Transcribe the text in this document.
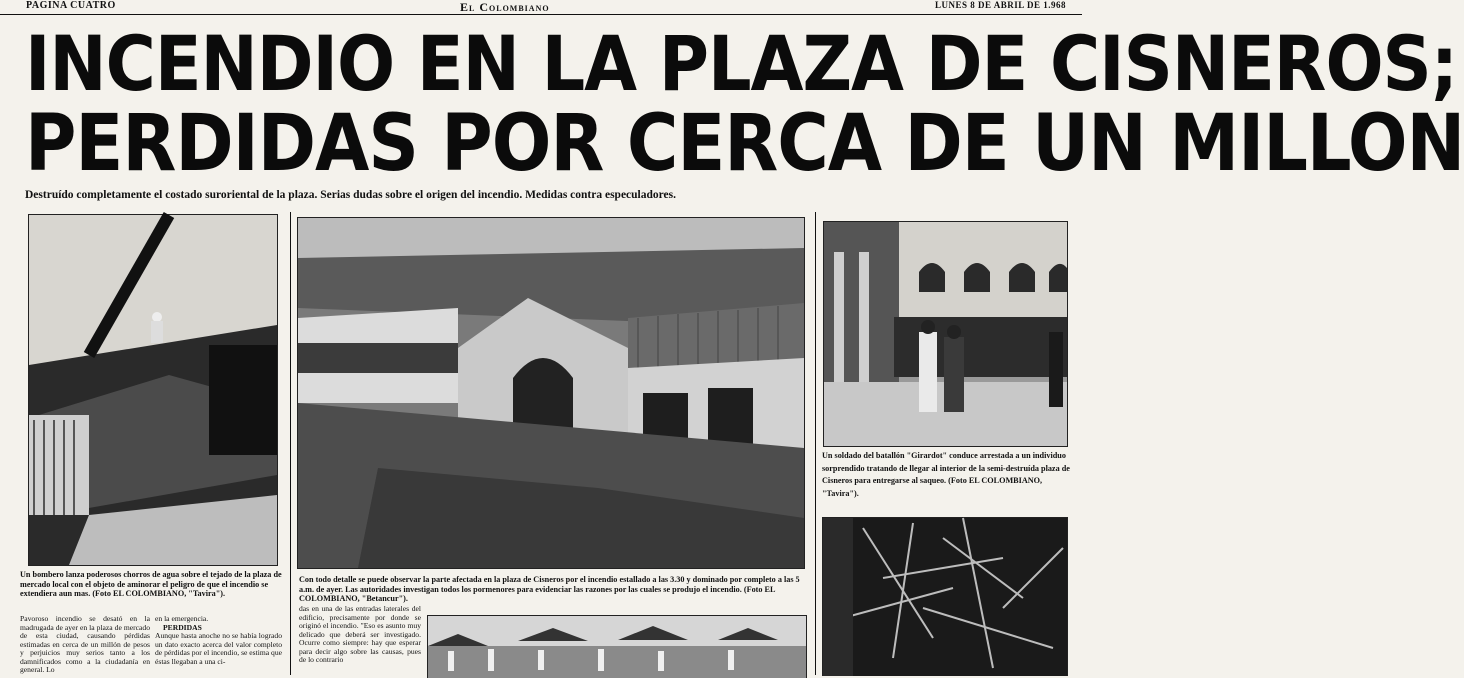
PAGINA CUATRO	El Colombiano	LUNES 8 DE ABRIL DE 1.968
INCENDIO EN LA PLAZA DE CISNEROS;
PERDIDAS POR CERCA DE UN MILLON
Destruído completamente el costado suroriental de la plaza. Serias dudas sobre el origen del incendio. Medidas contra especuladores.
Un bombero lanza poderosos chorros de agua sobre el tejado de la plaza de mercado local con el objeto de aminorar el peligro de que el incendio se extendiera aun mas. (Foto EL COLOMBIANO, "Tavira").
Con todo detalle se puede observar la parte afectada en la plaza de Cisneros por el incendio estallado a las 3.30 y dominado por completo a las 5 a.m. de ayer. Las autoridades investigan todos los pormenores para evidenciar las razones por las cuales se produjo el incendio. (Foto EL COLOMBIANO, "Betancur").
Un soldado del batallón "Girardot" conduce arrestada a un individuo sorprendido tratando de llegar al interior de la semi-destruída plaza de Cisneros para entregarse al saqueo. (Foto EL COLOMBIANO, "Tavira").

Pavoroso incendio se desató en la madrugada de ayer en la plaza de mercado de esta ciudad, causando pérdidas estimadas en cerca de un millón de pesos y perjuicios muy serios tanto a los damnificados como a la ciudadanía en general. Lo

en la emergencia.

PERDIDAS

Aunque hasta anoche no se había logrado un dato exacto acerca del valor completo de pérdidas por el incendio, se estima que éstas llegaban a una ci-

das en una de las entradas laterales del edificio, precisamente por donde se originó el incendio. "Eso es asunto muy delicado que deberá ser investigado. Ocurre como siempre: hay que esperar para decir algo sobre las causas, pues de lo contrario
